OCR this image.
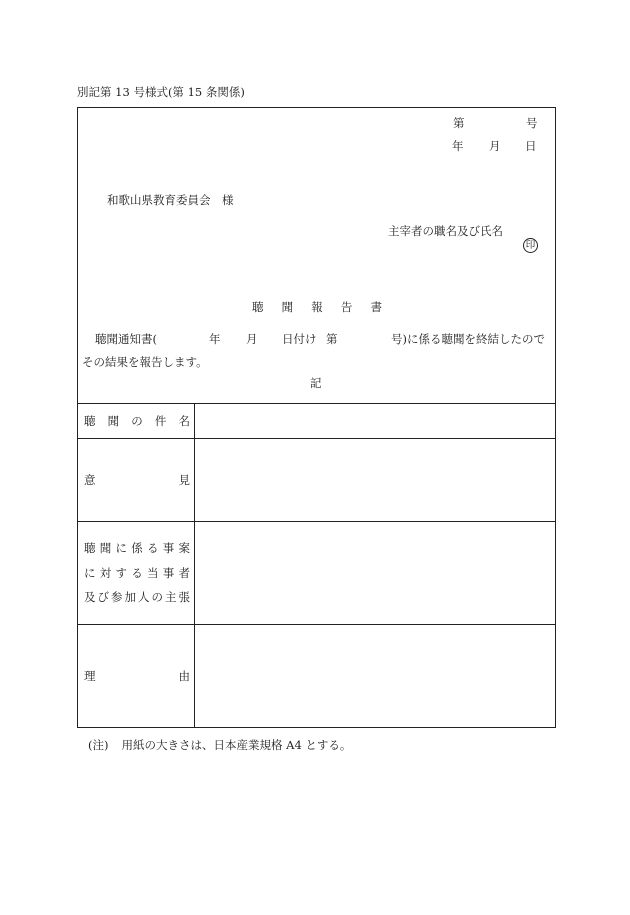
別記第 13 号様式(第 15 条関係)
第	号
年 月 日
和歌山県教育委員会　様
主宰者の職名及び氏名
印
聴 聞 報 告 書
聴聞通知書(	年 月 日付け 第	号)に係る聴聞を終結したので
その結果を報告します。
記
聴 聞 の 件 名
意	見
聴 聞 に 係 る 事 案
に 対 す る 当 事 者
及 び 参 加 人 の 主 張
理	由
(注) 用紙の大きさは、日本産業規格 A4 とする。
